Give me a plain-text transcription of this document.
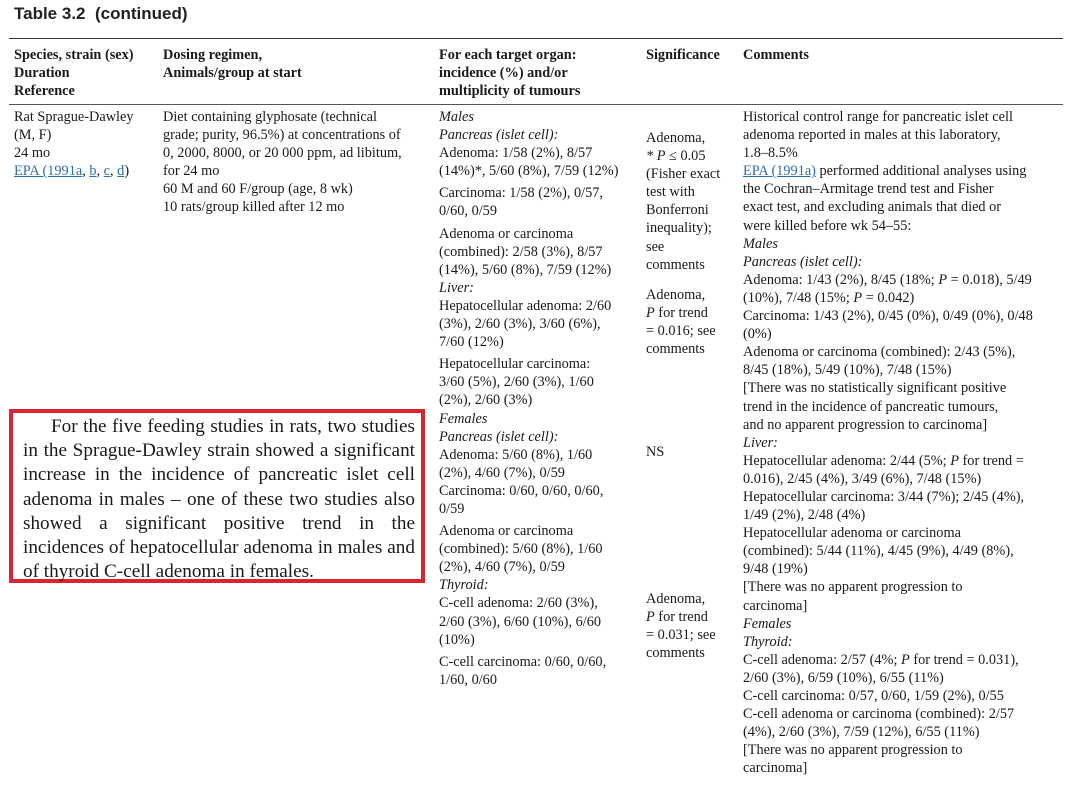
Table 3.2 (continued)
Species, strain (sex)
Duration
Reference
Dosing regimen,
Animals/group at start
For each target organ:
incidence (%) and/or
multiplicity of tumours
Significance	Comments
Rat Sprague-Dawley
(M, F)
24 mo
EPA (1991a, b, c, d)
Diet containing glyphosate (technical
grade; purity, 96.5%) at concentrations of
0, 2000, 8000, or 20 000 ppm, ad libitum,
for 24 mo
60 M and 60 F/group (age, 8 wk)
10 rats/group killed after 12 mo
Males
Pancreas (islet cell):
Adenoma: 1/58 (2%), 8/57
(14%)*, 5/60 (8%), 7/59 (12%)
Carcinoma: 1/58 (2%), 0/57,
0/60, 0/59
Adenoma or carcinoma
(combined): 2/58 (3%), 8/57
(14%), 5/60 (8%), 7/59 (12%)
Liver:
Hepatocellular adenoma: 2/60
(3%), 2/60 (3%), 3/60 (6%),
7/60 (12%)
Hepatocellular carcinoma:
3/60 (5%), 2/60 (3%), 1/60
(2%), 2/60 (3%)
Females
Pancreas (islet cell):
Adenoma: 5/60 (8%), 1/60
(2%), 4/60 (7%), 0/59
Carcinoma: 0/60, 0/60, 0/60,
0/59
Adenoma or carcinoma
(combined): 5/60 (8%), 1/60
(2%), 4/60 (7%), 0/59
Thyroid:
C-cell adenoma: 2/60 (3%),
2/60 (3%), 6/60 (10%), 6/60
(10%)
C-cell carcinoma: 0/60, 0/60,
1/60, 0/60
Adenoma,
* P ≤ 0.05
(Fisher exact
test with
Bonferroni
inequality);
see
comments
Adenoma,
P for trend
= 0.016; see
comments
NS
Adenoma,
P for trend
= 0.031; see
comments
Historical control range for pancreatic islet cell
adenoma reported in males at this laboratory,
1.8–8.5%
EPA (1991a) performed additional analyses using
the Cochran–Armitage trend test and Fisher
exact test, and excluding animals that died or
were killed before wk 54–55:
Males
Pancreas (islet cell):
Adenoma: 1/43 (2%), 8/45 (18%; P = 0.018), 5/49
(10%), 7/48 (15%; P = 0.042)
Carcinoma: 1/43 (2%), 0/45 (0%), 0/49 (0%), 0/48
(0%)
Adenoma or carcinoma (combined): 2/43 (5%),
8/45 (18%), 5/49 (10%), 7/48 (15%)
[There was no statistically significant positive
trend in the incidence of pancreatic tumours,
and no apparent progression to carcinoma]
Liver:
Hepatocellular adenoma: 2/44 (5%; P for trend =
0.016), 2/45 (4%), 3/49 (6%), 7/48 (15%)
Hepatocellular carcinoma: 3/44 (7%); 2/45 (4%),
1/49 (2%), 2/48 (4%)
Hepatocellular adenoma or carcinoma
(combined): 5/44 (11%), 4/45 (9%), 4/49 (8%),
9/48 (19%)
[There was no apparent progression to
carcinoma]
Females
Thyroid:
C-cell adenoma: 2/57 (4%; P for trend = 0.031),
2/60 (3%), 6/59 (10%), 6/55 (11%)
C-cell carcinoma: 0/57, 0/60, 1/59 (2%), 0/55
C-cell adenoma or carcinoma (combined): 2/57
(4%), 2/60 (3%), 7/59 (12%), 6/55 (11%)
[There was no apparent progression to
carcinoma]

For the five feeding studies in rats, two studies in the Sprague-Dawley strain showed a significant increase in the incidence of pancreatic islet cell adenoma in males – one of these two studies also showed a significant positive trend in the incidences of hepatocellular adenoma in males and of thyroid C-cell adenoma in females.
